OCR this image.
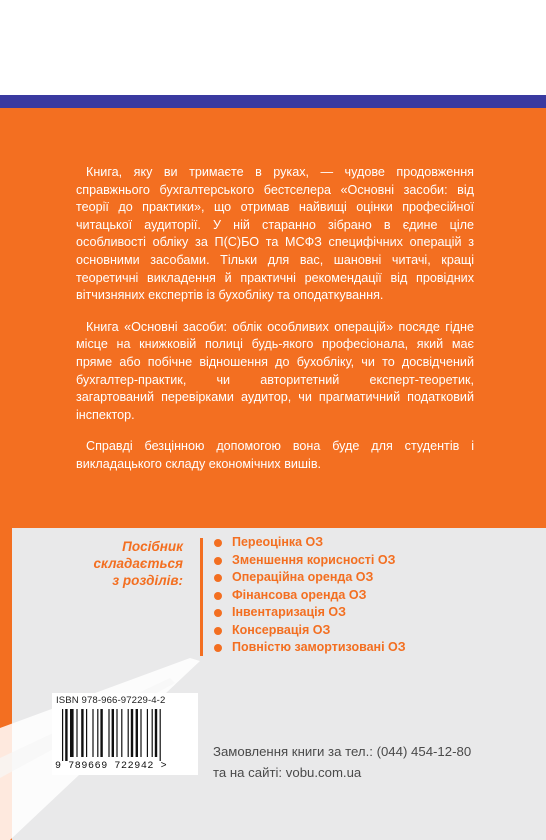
Книга, яку ви тримаєте в руках, — чудове продовження справжнього бухгалтерського бестселера «Основні засоби: від теорії до практики», що отримав найвищі оцінки професійної читацької аудиторії. У ній старанно зібрано в єдине ціле особливості обліку за П(С)БО та МСФЗ специфічних операцій з основними засобами. Тільки для вас, шановні читачі, кращі теоретичні викладення й практичні рекомендації від провідних вітчизняних експертів із бухобліку та оподаткування.

Книга «Основні засоби: облік особливих операцій» посяде гідне місце на книжковій полиці будь-якого професіонала, який має пряме або побічне відношення до бухобліку, чи то досвідчений бухгалтер-практик, чи авторитетний експерт-теоретик, загартований перевірками аудитор, чи прагматичний податковий інспектор.

Справді безцінною допомогою вона буде для студентів і викладацького складу економічних вишів.

Посібник
складається
з розділів:
Переоцінка ОЗ
Зменшення корисності ОЗ
Операційна оренда ОЗ
Фінансова оренда ОЗ
Інвентаризація ОЗ
Консервація ОЗ
Повністю замортизовані ОЗ
ISBN 978-966-97229-4-2
9 789669 722942 >
Замовлення книги за тел.: (044) 454-12-80
та на сайті: vobu.com.ua
